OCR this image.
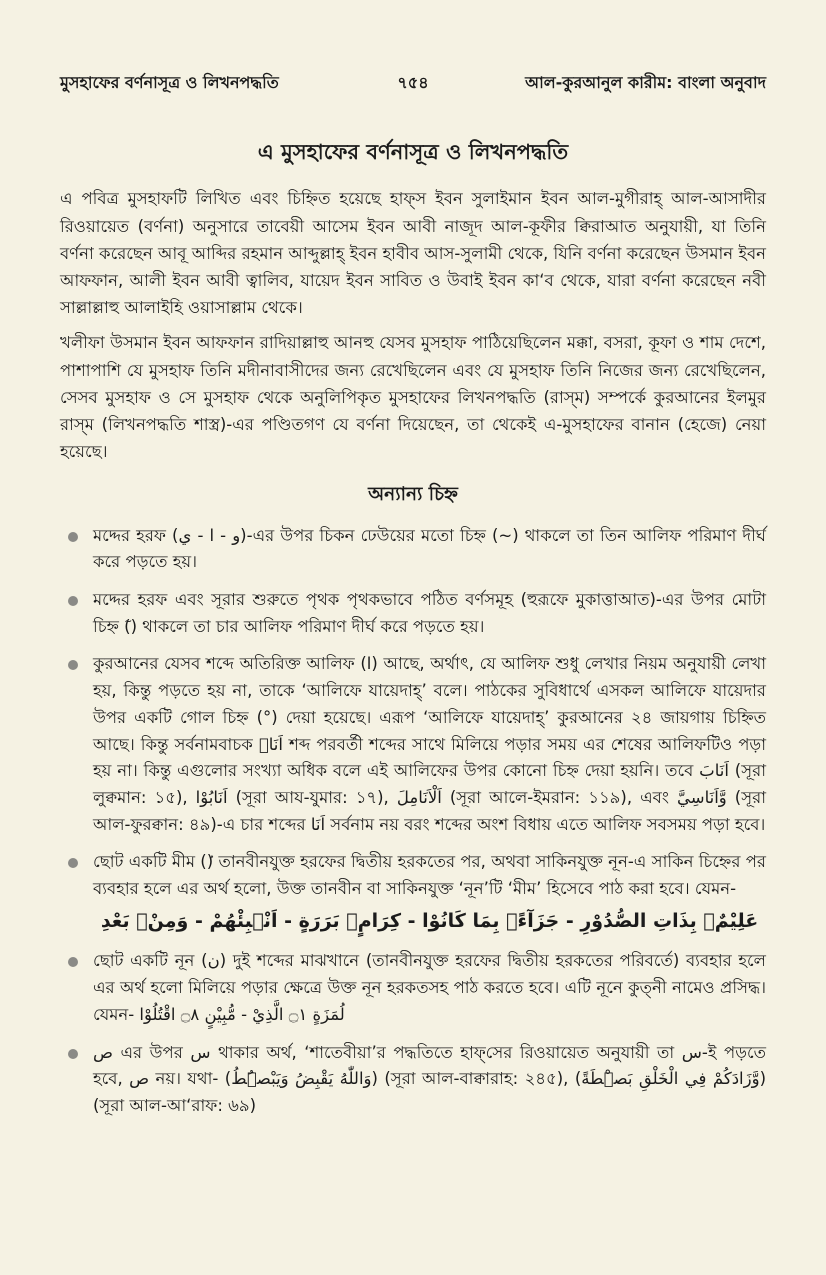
মুসহাফের বর্ণনাসূত্র ও লিখনপদ্ধতি	৭৫৪	আল-কুরআনুল কারীম: বাংলা অনুবাদ
এ মুসহাফের বর্ণনাসূত্র ও লিখনপদ্ধতি

এ পবিত্র মুসহাফটি লিখিত এবং চিহ্নিত হয়েছে হাফ্‌স ইবন সুলাইমান ইবন আল-মুগীরাহ্ আল-আসাদীর রিওয়ায়েত (বর্ণনা) অনুসারে তাবেয়ী আসেম ইবন আবী নাজূদ আল-কূফীর ক্বিরাআত অনুযায়ী, যা তিনি বর্ণনা করেছেন আবূ আব্দির রহমান আব্দুল্লাহ্ ইবন হাবীব আস-সুলামী থেকে, যিনি বর্ণনা করেছেন উসমান ইবন আফফান, আলী ইবন আবী ত্বালিব, যায়েদ ইবন সাবিত ও উবাই ইবন কা‘ব থেকে, যারা বর্ণনা করেছেন নবী সাল্লাল্লাহু আলাইহি ওয়াসাল্লাম থেকে।

খলীফা উসমান ইবন আফফান রাদিয়াল্লাহু আনহু যেসব মুসহাফ পাঠিয়েছিলেন মক্কা, বসরা, কূফা ও শাম দেশে, পাশাপাশি যে মুসহাফ তিনি মদীনাবাসীদের জন্য রেখেছিলেন এবং যে মুসহাফ তিনি নিজের জন্য রেখেছিলেন, সেসব মুসহাফ ও সে মুসহাফ থেকে অনুলিপিকৃত মুসহাফের লিখনপদ্ধতি (রাস্‌ম) সম্পর্কে কুরআনের ইলমুর রাস্‌ম (লিখনপদ্ধতি শাস্ত্র)-এর পণ্ডিতগণ যে বর্ণনা দিয়েছেন, তা থেকেই এ-মুসহাফের বানান (হেজে) নেয়া হয়েছে।

অন্যান্য চিহ্ন
মদ্দের হরফ (و - ا - ي)-এর উপর চিকন ঢেউয়ের মতো চিহ্ন (~) থাকলে তা তিন আলিফ পরিমাণ দীর্ঘ করে পড়তে হয়।
মদ্দের হরফ এবং সূরার শুরুতে পৃথক পৃথকভাবে পঠিত বর্ণসমূহ (হুরূফে মুকাত্তাআত)-এর উপর মোটা চিহ্ন (ٓ) থাকলে তা চার আলিফ পরিমাণ দীর্ঘ করে পড়তে হয়।
কুরআনের যেসব শব্দে অতিরিক্ত আলিফ (ا) আছে, অর্থাৎ, যে আলিফ শুধু লেখার নিয়ম অনুযায়ী লেখা হয়, কিন্তু পড়তে হয় না, তাকে ‘আলিফে যায়েদাহ্’ বলে। পাঠকের সুবিধার্থে এসকল আলিফে যায়েদার উপর একটি গোল চিহ্ন (°) দেয়া হয়েছে। এরূপ ‘আলিফে যায়েদাহ্’ কুরআনের ২৪ জায়গায় চিহ্নিত আছে। কিন্তু সর্বনামবাচক اَنَا۠ শব্দ পরবর্তী শব্দের সাথে মিলিয়ে পড়ার সময় এর শেষের আলিফটিও পড়া হয় না। কিন্তু এগুলোর সংখ্যা অধিক বলে এই আলিফের উপর কোনো চিহ্ন দেয়া হয়নি। তবে اَنَابَ (সূরা লুক্বমান: ১৫), اَنَابُوْا (সূরা আয-যুমার: ১৭), اَلْاَنَامِلَ (সূরা আলে-ইমরান: ১১৯), এবং وَّاَنَاسِيَّ (সূরা আল-ফুরক্বান: ৪৯)-এ চার শব্দের اَنَا সর্বনাম নয় বরং শব্দের অংশ বিধায় এতে আলিফ সবসময় পড়া হবে।
ছোট একটি মীম (ۢ) তানবীনযুক্ত হরফের দ্বিতীয় হরকতের পর, অথবা সাকিনযুক্ত নূন-এ সাকিন চিহ্নের পর ব্যবহার হলে এর অর্থ হলো, উক্ত তানবীন বা সাকিনযুক্ত ‘নূন’টি ‘মীম’ হিসেবে পাঠ করা হবে। যেমন-
عَلِيْمٌۢ بِذَاتِ الصُّدُوْرِ - جَزَآءًۢ بِمَا كَانُوْا - كِرَامٍۢ بَرَرَةٍ - اَنْۢبِئْهُمْ - وَمِنْۢ بَعْدِ
ছোট একটি নূন (ن) দুই শব্দের মাঝখানে (তানবীনযুক্ত হরফের দ্বিতীয় হরকতের পরিবর্তে) ব্যবহার হলে এর অর্থ হলো মিলিয়ে পড়ার ক্ষেত্রে উক্ত নূন হরকতসহ পাঠ করতে হবে। এটি নূনে কুত্‌নী নামেও প্রসিদ্ধ। যেমন- لُمَزَةٍ ۝١ الَّذِيْ - مُّبِيْنٍ ۝٨ اقْتُلُوْا
ص এর উপর س থাকার অর্থ, ‘শাতেবীয়া’র পদ্ধতিতে হাফ্‌সের রিওয়ায়েত অনুযায়ী তা س-ই পড়তে হবে, ص নয়। যথা- (وَاللّٰهُ يَقْبِضُ وَيَبْصُۜطُ) (সূরা আল-বাক্বারাহ: ২৪৫), (وَّزَادَكُمْ فِي الْخَلْقِ بَصْۜطَةً) (সূরা আল-আ‘রাফ: ৬৯)
